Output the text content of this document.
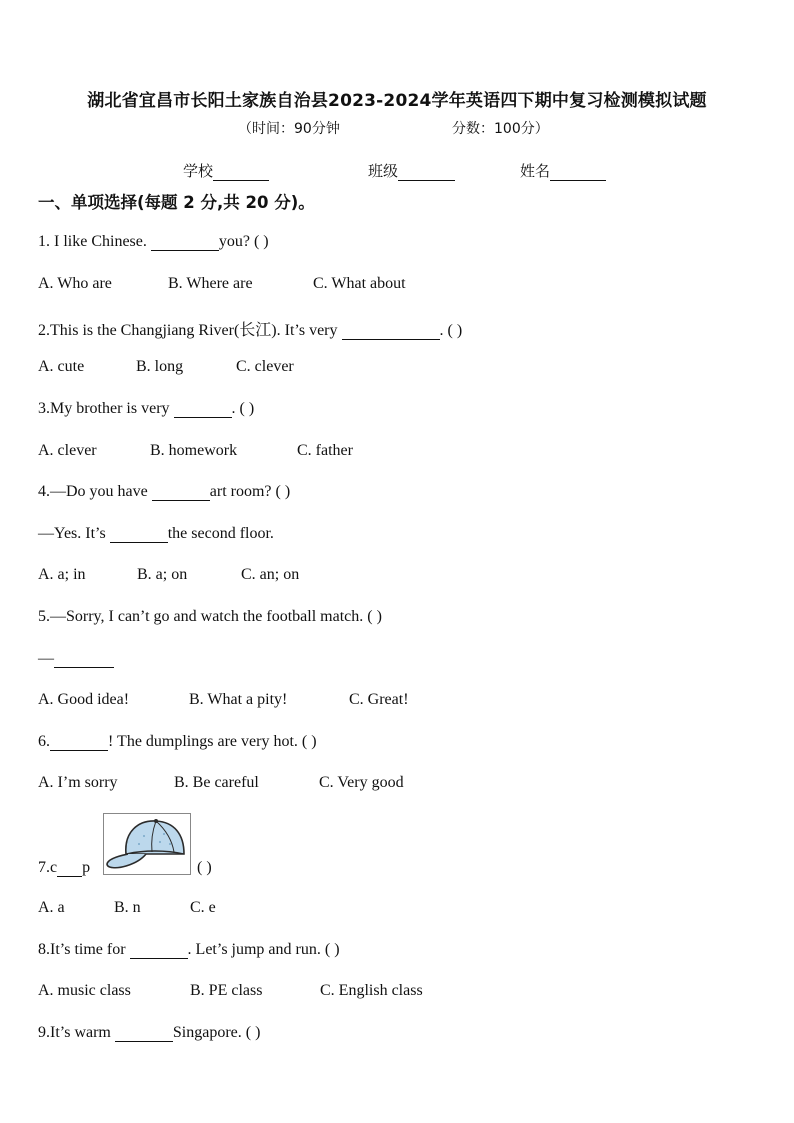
湖北省宜昌市长阳土家族自治县2023-2024学年英语四下期中复习检测模拟试题
（时间：90分钟	分数：100分）
学校	班级	姓名
一、单项选择(每题 2 分,共 20 分)。
1. I like Chinese.	you? ( )
A. Who are	B. Where are	C. What about
2.This is the Changjiang River(长江). It’s very	. ( )
A. cute	B. long	C. clever
3.My brother is very	. ( )
A. clever	B. homework	C. father
4.—Do you have	art room? ( )
—Yes. It’s	the second floor.
A. a; in	B. a; on	C. an; on
5.—Sorry, I can’t go and watch the football match. ( )
—
A. Good idea!	B. What a pity!	C. Great!
6.	! The dumplings are very hot. ( )
A. I’m sorry	B. Be careful	C. Very good
7.c p	( )
A. a	B. n	C. e
8.It’s time for	. Let’s jump and run. ( )
A. music class	B. PE class	C. English class
9.It’s warm	Singapore. ( )
